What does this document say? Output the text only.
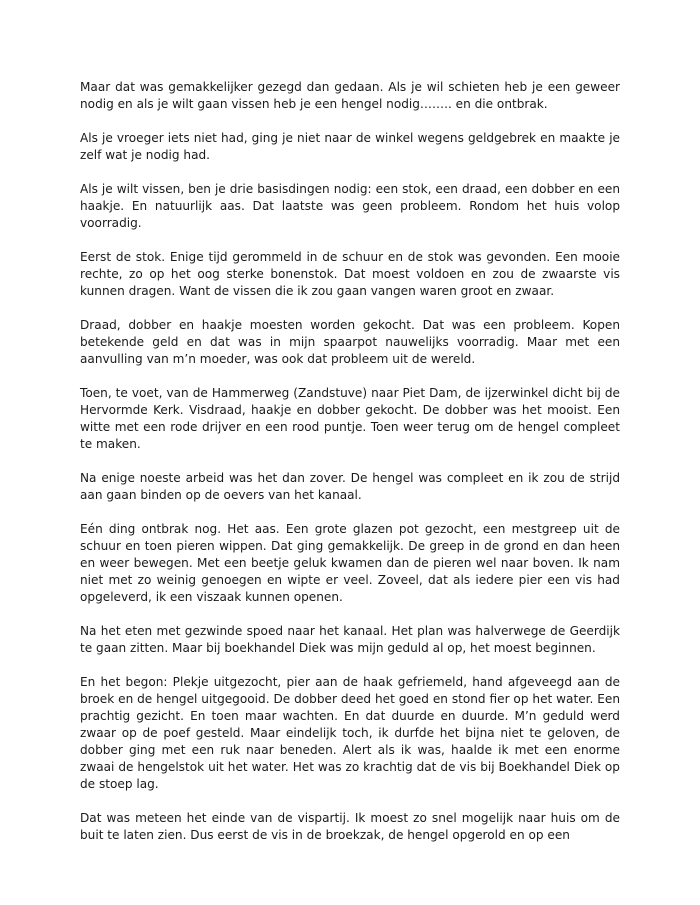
Maar dat was gemakkelijker gezegd dan gedaan. Als je wil schieten heb je een geweer nodig en als je wilt gaan vissen heb je een hengel nodig…….. en die ontbrak.

Als je vroeger iets niet had, ging je niet naar de winkel wegens geldgebrek en maakte je zelf wat je nodig had.

Als je wilt vissen, ben je drie basisdingen nodig: een stok, een draad, een dobber en een haakje. En natuurlijk aas. Dat laatste was geen probleem. Rondom het huis volop voorradig.

Eerst de stok. Enige tijd gerommeld in de schuur en de stok was gevonden. Een mooie rechte, zo op het oog sterke bonenstok. Dat moest voldoen en zou de zwaarste vis kunnen dragen. Want de vissen die ik zou gaan vangen waren groot en zwaar.

Draad, dobber en haakje moesten worden gekocht. Dat was een probleem. Kopen betekende geld en dat was in mijn spaarpot nauwelijks voorradig. Maar met een aanvulling van m’n moeder, was ook dat probleem uit de wereld.

Toen, te voet, van de Hammerweg (Zandstuve) naar Piet Dam, de ijzerwinkel dicht bij de Hervormde Kerk. Visdraad, haakje en dobber gekocht. De dobber was het mooist. Een witte met een rode drijver en een rood puntje. Toen weer terug om de hengel compleet te maken.

Na enige noeste arbeid was het dan zover. De hengel was compleet en ik zou de strijd aan gaan binden op de oevers van het kanaal.

Eén ding ontbrak nog. Het aas. Een grote glazen pot gezocht, een mestgreep uit de schuur en toen pieren wippen. Dat ging gemakkelijk. De greep in de grond en dan heen en weer bewegen. Met een beetje geluk kwamen dan de pieren wel naar boven. Ik nam niet met zo weinig genoegen en wipte er veel. Zoveel, dat als iedere pier een vis had opgeleverd, ik een viszaak kunnen openen.

Na het eten met gezwinde spoed naar het kanaal. Het plan was halverwege de Geerdijk te gaan zitten. Maar bij boekhandel Diek was mijn geduld al op, het moest beginnen.

En het begon: Plekje uitgezocht, pier aan de haak gefriemeld, hand afgeveegd aan de broek en de hengel uitgegooid. De dobber deed het goed en stond fier op het water. Een prachtig gezicht. En toen maar wachten. En dat duurde en duurde. M’n geduld werd zwaar op de poef gesteld. Maar eindelijk toch, ik durfde het bijna niet te geloven, de dobber ging met een ruk naar beneden. Alert als ik was, haalde ik met een enorme zwaai de hengelstok uit het water. Het was zo krachtig dat de vis bij Boekhandel Diek op de stoep lag.

Dat was meteen het einde van de vispartij. Ik moest zo snel mogelijk naar huis om de buit te laten zien. Dus eerst de vis in de broekzak, de hengel opgerold en op een
